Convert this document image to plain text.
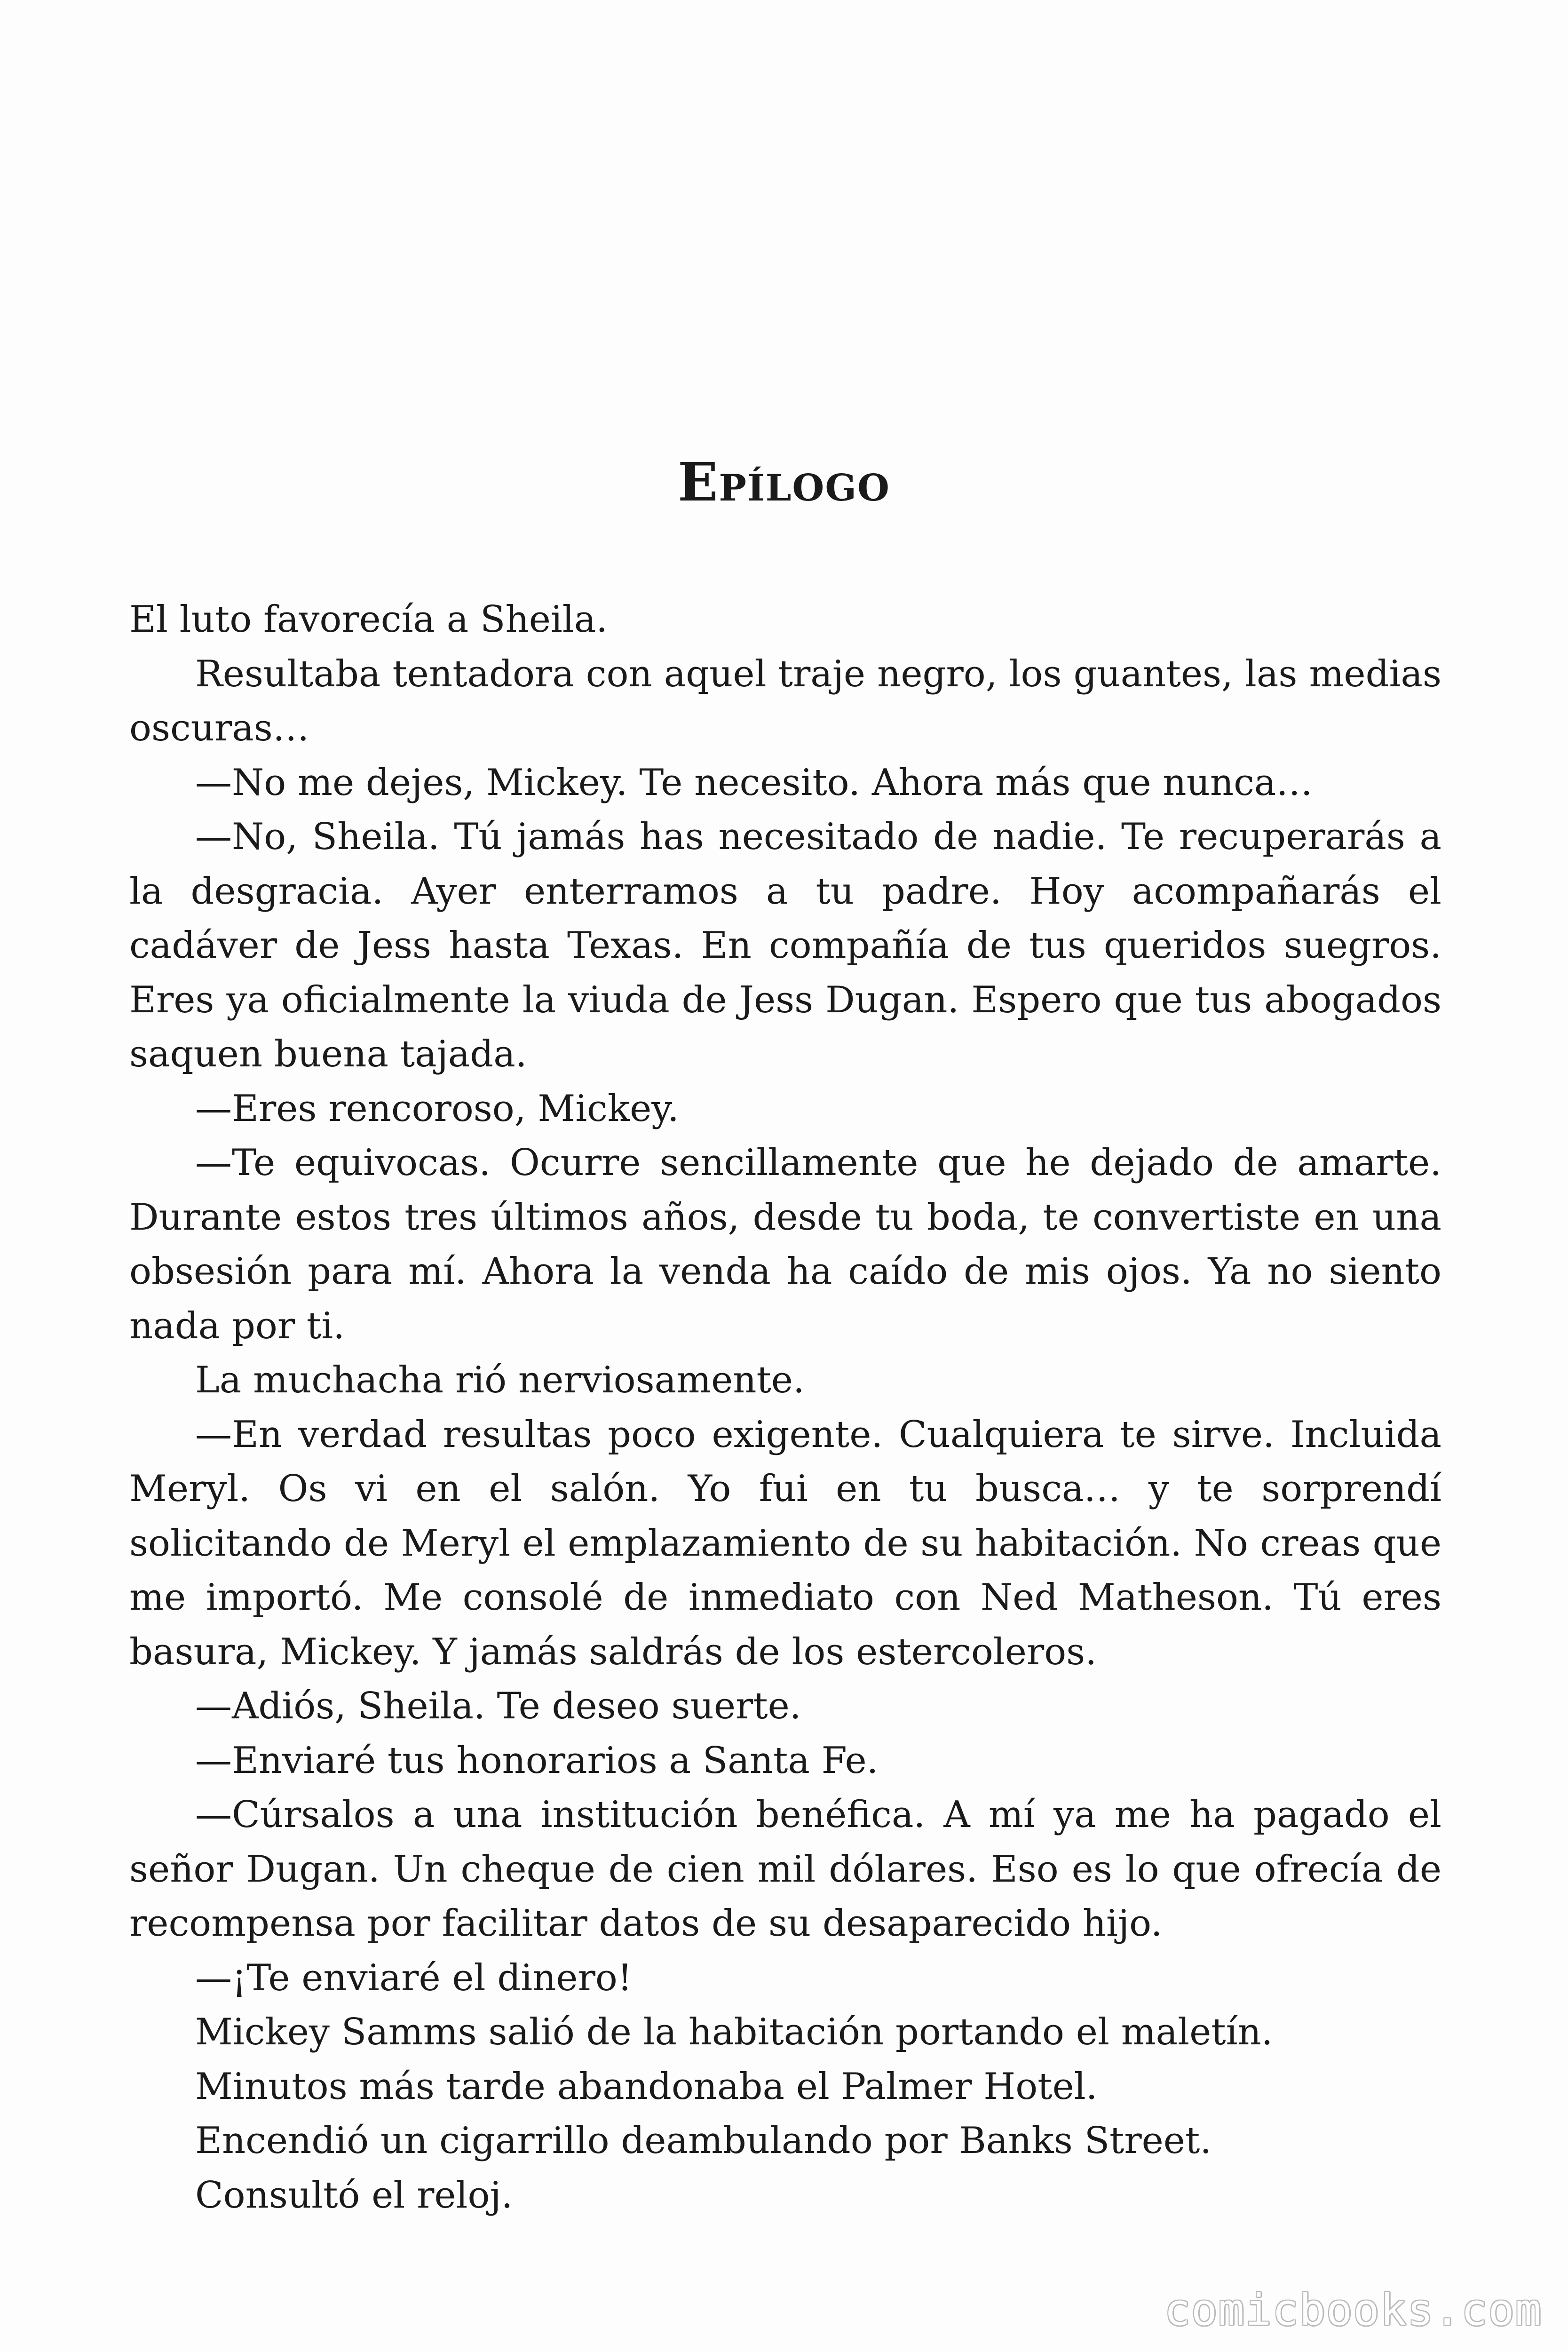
Epílogo

El luto favorecía a Sheila.

Resultaba tentadora con aquel traje negro, los guantes, las medias oscuras…

—No me dejes, Mickey. Te necesito. Ahora más que nunca…

—No, Sheila. Tú jamás has necesitado de nadie. Te recuperarás a la desgracia. Ayer enterramos a tu padre. Hoy acompañarás el cadáver de Jess hasta Texas. En compañía de tus queridos suegros. Eres ya oficialmente la viuda de Jess Dugan. Espero que tus abogados saquen buena tajada.

—Eres rencoroso, Mickey.

—Te equivocas. Ocurre sencillamente que he dejado de amarte. Durante estos tres últimos años, desde tu boda, te convertiste en una obsesión para mí. Ahora la venda ha caído de mis ojos. Ya no siento nada por ti.

La muchacha rió nerviosamente.

—En verdad resultas poco exigente. Cualquiera te sirve. Incluida Meryl. Os vi en el salón. Yo fui en tu busca… y te sorprendí solicitando de Meryl el emplazamiento de su habitación. No creas que me importó. Me consolé de inmediato con Ned Matheson. Tú eres basura, Mickey. Y jamás saldrás de los estercoleros.

—Adiós, Sheila. Te deseo suerte.

—Enviaré tus honorarios a Santa Fe.

—Cúrsalos a una institución benéfica. A mí ya me ha pagado el señor Dugan. Un cheque de cien mil dólares. Eso es lo que ofrecía de recompensa por facilitar datos de su desaparecido hijo.

—¡Te enviaré el dinero!

Mickey Samms salió de la habitación portando el maletín.

Minutos más tarde abandonaba el Palmer Hotel.

Encendió un cigarrillo deambulando por Banks Street.

Consultó el reloj.

comicbooks.com
